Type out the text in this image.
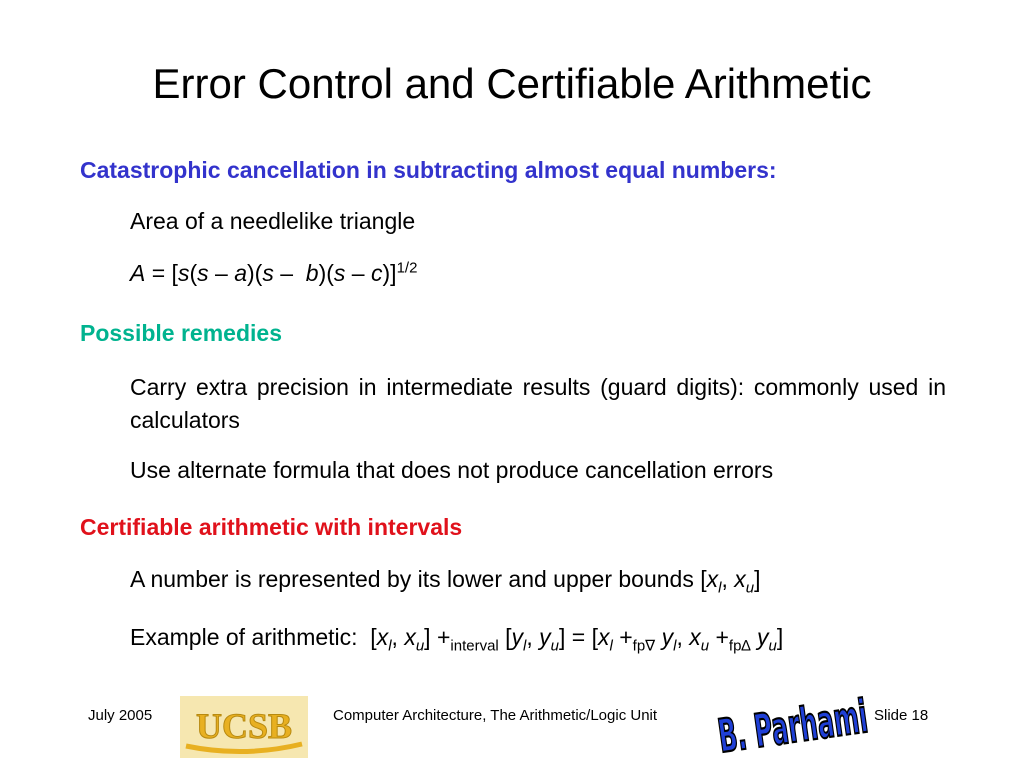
Error Control and Certifiable Arithmetic
Catastrophic cancellation in subtracting almost equal numbers:
Area of a needlelike triangle
A = [s(s – a)(s –  b)(s – c)]$^{1/2}$
Possible remedies
Carry extra precision in intermediate results (guard digits): commonly used in calculators
Use alternate formula that does not produce cancellation errors
Certifiable arithmetic with intervals
A number is represented by its lower and upper bounds [$x_l$, $x_u$]
Example of arithmetic:  [$x_l$, $x_u] +_{interval}$ [$y_l$, $y_u] = [x_l +_{fp\nabla}$ $y_l$, $x_u +_{fp\Delta}$ $y_u$]
July 2005 UCSB	Computer Architecture, The Arithmetic/Logic Unit B. Parhami Slide 18
